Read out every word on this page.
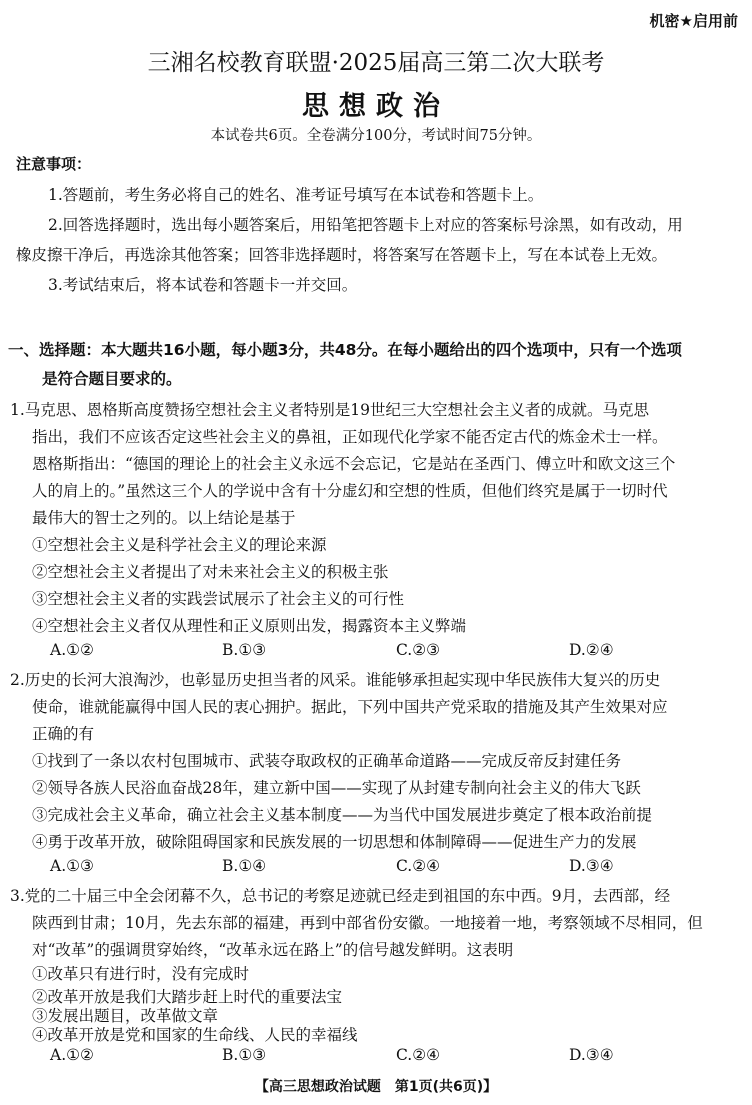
机密★启用前
三湘名校教育联盟·2025届高三第二次大联考
思想政治
本试卷共6页。全卷满分100分，考试时间75分钟。
注意事项：
1.答题前，考生务必将自己的姓名、准考证号填写在本试卷和答题卡上。
2.回答选择题时，选出每小题答案后，用铅笔把答题卡上对应的答案标号涂黑，如有改动，用
橡皮擦干净后，再选涂其他答案；回答非选择题时，将答案写在答题卡上，写在本试卷上无效。
3.考试结束后，将本试卷和答题卡一并交回。
一、选择题：本大题共16小题，每小题3分，共48分。在每小题给出的四个选项中，只有一个选项
是符合题目要求的。
1.马克思、恩格斯高度赞扬空想社会主义者特别是19世纪三大空想社会主义者的成就。马克思
指出，我们不应该否定这些社会主义的鼻祖，正如现代化学家不能否定古代的炼金术士一样。
恩格斯指出：“德国的理论上的社会主义永远不会忘记，它是站在圣西门、傅立叶和欧文这三个
人的肩上的。”虽然这三个人的学说中含有十分虚幻和空想的性质，但他们终究是属于一切时代
最伟大的智士之列的。以上结论是基于
①空想社会主义是科学社会主义的理论来源
②空想社会主义者提出了对未来社会主义的积极主张
③空想社会主义者的实践尝试展示了社会主义的可行性
④空想社会主义者仅从理性和正义原则出发，揭露资本主义弊端
A.①②	B.①③	C.②③	D.②④
2.历史的长河大浪淘沙，也彰显历史担当者的风采。谁能够承担起实现中华民族伟大复兴的历史
使命，谁就能赢得中国人民的衷心拥护。据此，下列中国共产党采取的措施及其产生效果对应
正确的有
①找到了一条以农村包围城市、武装夺取政权的正确革命道路——完成反帝反封建任务
②领导各族人民浴血奋战28年，建立新中国——实现了从封建专制向社会主义的伟大飞跃
③完成社会主义革命，确立社会主义基本制度——为当代中国发展进步奠定了根本政治前提
④勇于改革开放，破除阻碍国家和民族发展的一切思想和体制障碍——促进生产力的发展
A.①③	B.①④	C.②④	D.③④
3.党的二十届三中全会闭幕不久，总书记的考察足迹就已经走到祖国的东中西。9月，去西部，经
陕西到甘肃；10月，先去东部的福建，再到中部省份安徽。一地接着一地，考察领域不尽相同，但
对“改革”的强调贯穿始终，“改革永远在路上”的信号越发鲜明。这表明
①改革只有进行时，没有完成时
②改革开放是我们大踏步赶上时代的重要法宝
③发展出题目，改革做文章
④改革开放是党和国家的生命线、人民的幸福线
A.①②	B.①③	C.②④	D.③④
【高三思想政治试题　第1页(共6页)】
